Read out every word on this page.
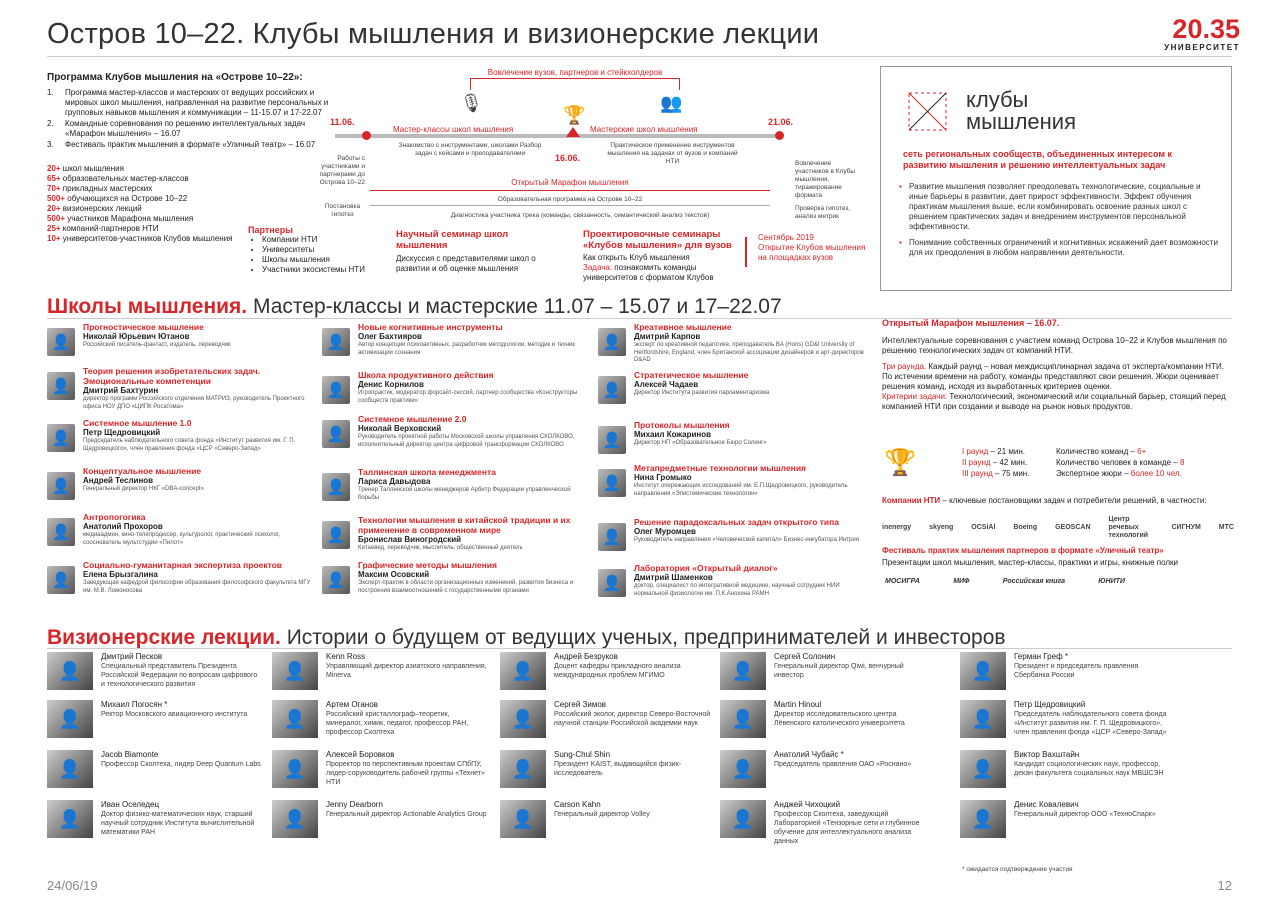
Остров 10–22. Клубы мышления и визионерские лекции	20.35
УНИВЕРСИТЕТ
Программа Клубов мышления на «Острове 10–22»:
1.	Программа мастер-классов и мастерских от ведущих российских и мировых школ мышления, направленная на развитие персональных и групповых навыков мышления и коммуникации – 11-15.07 и 17-22.07
2.	Командные соревнования по решению интеллектуальных задач «Марафон мышления» – 16.07
3.	Фестиваль практик мышления в формате «Уличный театр» – 16.07
20+ школ мышления
65+ образовательных мастер-классов
70+ прикладных мастерских
500+ обучающихся на Острове 10–22
20+ визионерских лекций
500+ участников Марафона мышления
25+ компаний-партнеров НТИ
10+ университетов-участников Клубов мышления
Вовлечение вузов, партнеров и стейкхолдеров
🎙
🏆
👥
11.06.
16.06.
21.06.
Мастер-классы школ мышления	Мастерские школ мышления
Работы с участниками и партнерами до Острова 10–22
Знакомство с инструментами, школами Разбор задач с кейсами и преподавателями
Практическое применение инструментов мышления на задачах от вузов и компаний НТИ	Вовлечение участников в Клубы мышления, тиражирование формата
Проверка гипотез, анализ метрик
Открытый Марафон мышления
Образовательная программа на Острове 10–22
Постановка гипотез	Диагностика участника трека (команды, связанность, семантический анализ текстов)
Партнеры
• Компании НТИ
• Университеты
• Школы мышления
• Участники экосистемы НТИ
Научный семинар школ мышления
Дискуссия с представителями школ о развитии и об оценке мышления
Проектировочные семинары «Клубов мышления» для вузов
Как открыть Клуб мышления
Задача: познакомить команды университетов с форматом Клубов
Сентябрь 2019
Открытие Клубов мышления
на площадках вузов
клубы
мышления
сеть региональных сообществ, объединенных интересом к развитию мышления и решению интеллектуальных задач
▪ Развитие мышления позволяет преодолевать технологические, социальные и иные барьеры в развитии, дает прирост эффективности. Эффект обучения практикам мышления выше, если комбинировать освоение разных школ с решением практических задач и внедрением инструментов персональной эффективности.
▪ Понимание собственных ограничений и когнитивных искажений дает возможности для их преодоления в любом направлении деятельности.
Школы мышления. Мастер-классы и мастерские 11.07 – 15.07 и 17–22.07
👤
Прогностическое мышление
Николай Юрьевич Ютанов
Российский писатель-фантаст, издатель, переводчик
👤
Теория решения изобретательских задач. Эмоциональные компетенции
Дмитрий Бахтурин
директор программ Российского отделения МАТРИЗ, руководитель Проектного офиса НОУ ДПО «ЦИПК Росатома»
👤
Системное мышление 1.0
Петр Щедровицкий
Председатель наблюдательного совета фонда «Институт развития им. Г. П. Щедровицкого», член правления фонда «ЦСР «Северо-Запад»
👤
Концептуальное мышление
Андрей Теслинов
Генеральный директор НКГ «DBA-concept»
👤
Антропогогика
Анатолий Прохоров
медиаадмин, кино-телепродюсер, культуролог, практический психолог, сооснователь мультстудии «Пилот»
👤
Социально-гуманитарная экспертиза проектов
Елена Брызгалина
Заведующая кафедрой философии образования философского факультета МГУ им. М.В. Ломоносова
👤
Новые когнитивные инструменты
Олег Бахтияров
Автор концепции психоактивных, разработчик методологии, методик и техник активизации сознания
👤
Школа продуктивного действия
Денис Корнилов
Игропрактик, модератор форсайт-сессий, партнер сообщества «Конструкторы сообществ практики»
👤
Системное мышление 2.0
Николай Верховский
Руководитель проектной работы Московской школы управления СКОЛКОВО, исполнительный директор центра цифровой трансформации СКОЛКОВО
👤
Таллинская школа менеджмента
Лариса Давыдова
Тренер Таллинской школы менеджеров Арбитр Федерации управленческой борьбы
👤
Технологии мышления в китайской традиции и их применение в современном мире
Бронислав Виногродский
Китаевед, переводчик, мыслитель, общественный деятель
👤
Графические методы мышления
Максим Осовский
Эксперт-практик в области организационных изменений, развития бизнеса и построения взаимоотношений с государственными органами
👤
Креативное мышление
Дмитрий Карпов
эксперт по креативной педагогике, преподаватель BA (Hons) GD&I University of Hertfordshire, England, член Британской ассоциации дизайнеров и арт-директоров D&AD
👤
Стратегическое мышление
Алексей Чадаев
Директор Института развития парламентаризма
👤
Протоколы мышления
Михаил Кожаринов
Директор НП «Образовательное Бюро Солинг»
👤
Метапредметные технологии мышления
Нина Громыко
Институт опережающих исследований им. Е.П.Щедровицкого, руководитель направления «Эпистемические технологии»
👤
Решение парадоксальных задач открытого типа
Олег Муромцев
Руководитель направления «Человеческий капитал» Бизнес-инкубатора Интрия
👤
Лаборатория «Открытый диалог»
Дмитрий Шаменков
доктор, специалист по интегративной медицине, научный сотрудник НИИ нормальной физиологии им. П.К.Анохина РАМН
Открытый Марафон мышления – 16.07.
Интеллектуальные соревнования с участием команд Острова 10–22 и Клубов мышления по решению технологических задач от компаний НТИ.
Три раунда. Каждый раунд – новая междисциплинарная задача от эксперта/компании НТИ. По истечении времени на работу, команды представляют свои решения. Жюри оценивает решения команд, исходя из выработанных критериев оценки.
Критерии задачи: Технологический, экономический или социальный барьер, стоящий перед компанией НТИ при создании и выводе на рынок новых продуктов.
🏆	I раунд – 21 мин.
II раунд – 42 мин.
III раунд – 75 мин.
Количество команд – 6+
Количество человек в команде – 8
Экспертное жюри – более 10 чел.
Компании НТИ – ключевые постановщики задач и потребители решений, в частности:
inenergy	skyeng	OCSiAl	Boeing	GEOSCAN
Центр речевых технологий
СИГНУМ	МТС
Фестиваль практик мышления партнеров в формате «Уличный театр»
Презентации школ мышления, мастер-классы, практики и игры, книжные полки
МОСИГРА	МИФ	Российская книга	ЮНИТИ
Визионерские лекции. Истории о будущем от ведущих ученых, предпринимателей и инвесторов
👤
Дмитрий Песков
Специальный представитель Президента Российской Федерации по вопросам цифрового и технологического развития
👤
Михаил Погосян *
Ректор Московского авиационного института
👤
Jacob Biamonte
Профессор Сколтеха, лидер Deep Quantum Labs
👤
Иван Оселедец
Доктор физико-математических наук, старший научный сотрудник Института вычислительной математики РАН
👤
Kenn Ross
Управляющий директор азиатского направления, Minerva
👤
Артем Оганов
Российский кристаллограф–теоретик, минералог, химик, педагог, профессор РАН, профессор Сколтеха
👤
Алексей Боровков
Проректор по перспективным проектам СПбПУ, лидер-соруководитель рабочей группы «Технет» НТИ
👤
Jenny Dearborn
Генеральный директор Actionable Analytics Group
👤
Андрей Безруков
Доцент кафедры прикладного анализа международных проблем МГИМО
👤
Сергей Зимов
Российский эколог, директор Северо-Восточной научной станции Российской академии наук
👤
Sung-Chul Shin
Президент KAIST, выдающийся физик-исследователь
👤
Carson Kahn
Генеральный директор Volley
👤
Сергей Солонин
Генеральный директор Qiwi, венчурный инвестор
👤
Martin Hinoul
Директор исследовательского центра Лёвенского католического университета
👤
Анатолий Чубайс *
Председатель правления ОАО «Роснано»
👤
Анджей Чихоцкий
Профессор Сколтеха, заведующий Лабораторией «Тензорные сети и глубинное обучение для интеллектуального анализа данных
👤
Герман Греф *
Президент и председатель правления Сбербанка России
👤
Петр Щедровицкий
Председатель наблюдательного совета фонда «Институт развития им. Г. П. Щедровицкого», член правления фонда «ЦСР «Северо-Запад»
👤
Виктор Вахштайн
Кандидат социологических наук, профессор, декан факультета социальных наук МВШСЭН
👤
Денис Ковалевич
Генеральный директор ООО «ТехноСпарк»
* ожидается подтверждение участия
24/06/19	12
